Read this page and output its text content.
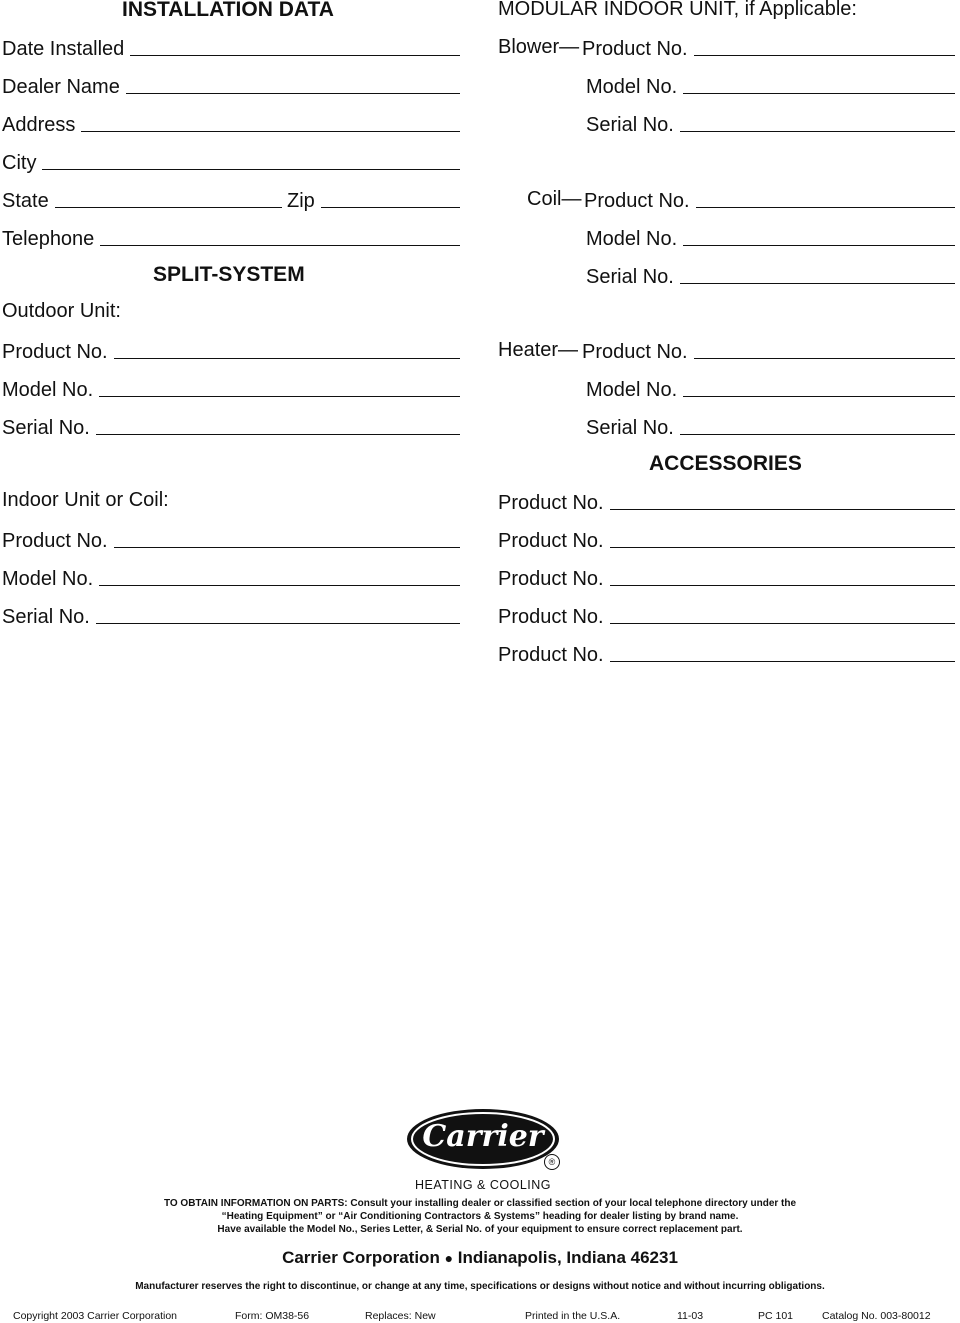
INSTALLATION DATA
Date Installed
Dealer Name
Address
City
State	Zip
Telephone
SPLIT-SYSTEM
Outdoor Unit:
Product No.
Model No.
Serial No.
Indoor Unit or Coil:
Product No.
Model No.
Serial No.
MODULAR INDOOR UNIT, if Applicable:
Blower— Product No.
Model No.
Serial No.
Coil— Product No.
Model No.
Serial No.
Heater— Product No.
Model No.
Serial No.
ACCESSORIES
Product No.
Product No.
Product No.
Product No.
Product No.
Carrier
®
HEATING & COOLING
TO OBTAIN INFORMATION ON PARTS: Consult your installing dealer or classified section of your local telephone directory under the
“Heating Equipment” or “Air Conditioning Contractors & Systems” heading for dealer listing by brand name.
Have available the Model No., Series Letter, & Serial No. of your equipment to ensure correct replacement part.
Carrier Corporation ● Indianapolis, Indiana 46231
Manufacturer reserves the right to discontinue, or change at any time, specifications or designs without notice and without incurring obligations.
Copyright 2003 Carrier Corporation	Form: OM38-56	Replaces: New	Printed in the U.S.A.	11-03	PC 101	Catalog No. 003-80012
